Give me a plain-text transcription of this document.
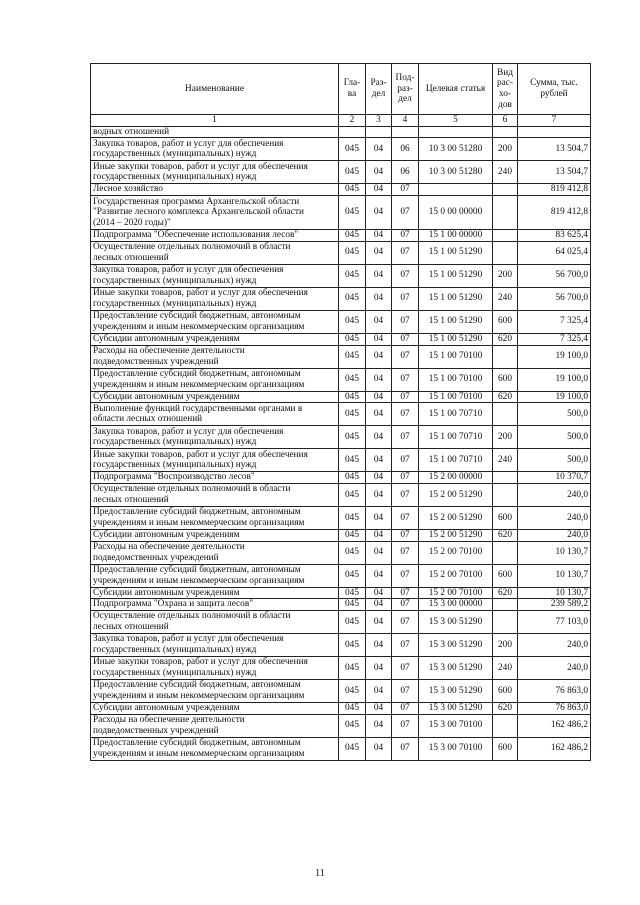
Наименование	Гла-ва	Раз-дел	Под-раз-дел	Целевая статья	Вид рас-хо-дов	Сумма, тыс. рублей
1	2	3	4	5	6	7
водных отношений						
Закупка товаров, работ и услуг для обеспечения
государственных (муниципальных) нужд	045	04	06	10 3 00 51280	200	13 504,7
Иные закупки товаров, работ и услуг для обеспечения
государственных (муниципальных) нужд	045	04	06	10 3 00 51280	240	13 504,7
Лесное хозяйство	045	04	07			819 412,8
Государственная программа Архангельской области
"Развитие лесного комплекса Архангельской области
(2014 – 2020 годы)"	045	04	07	15 0 00 00000		819 412,8
Подпрограмма "Обеспечение использования лесов"	045	04	07	15 1 00 00000		83 625,4
Осуществление отдельных полномочий в области
лесных отношений	045	04	07	15 1 00 51290		64 025,4
Закупка товаров, работ и услуг для обеспечения
государственных (муниципальных) нужд	045	04	07	15 1 00 51290	200	56 700,0
Иные закупки товаров, работ и услуг для обеспечения
государственных (муниципальных) нужд	045	04	07	15 1 00 51290	240	56 700,0
Предоставление субсидий бюджетным, автономным
учреждениям и иным некоммерческим организациям	045	04	07	15 1 00 51290	600	7 325,4
Субсидии автономным учреждениям	045	04	07	15 1 00 51290	620	7 325,4
Расходы на обеспечение деятельности
подведомственных учреждений	045	04	07	15 1 00 70100		19 100,0
Предоставление субсидий бюджетным, автономным
учреждениям и иным некоммерческим организациям	045	04	07	15 1 00 70100	600	19 100,0
Субсидии автономным учреждениям	045	04	07	15 1 00 70100	620	19 100,0
Выполнение функций государственными органами в
области лесных отношений	045	04	07	15 1 00 70710		500,0
Закупка товаров, работ и услуг для обеспечения
государственных (муниципальных) нужд	045	04	07	15 1 00 70710	200	500,0
Иные закупки товаров, работ и услуг для обеспечения
государственных (муниципальных) нужд	045	04	07	15 1 00 70710	240	500,0
Подпрограмма "Воспроизводство лесов"	045	04	07	15 2 00 00000		10 370,7
Осуществление отдельных полномочий в области
лесных отношений	045	04	07	15 2 00 51290		240,0
Предоставление субсидий бюджетным, автономным
учреждениям и иным некоммерческим организациям	045	04	07	15 2 00 51290	600	240,0
Субсидии автономным учреждениям	045	04	07	15 2 00 51290	620	240,0
Расходы на обеспечение деятельности
подведомственных учреждений	045	04	07	15 2 00 70100		10 130,7
Предоставление субсидий бюджетным, автономным
учреждениям и иным некоммерческим организациям	045	04	07	15 2 00 70100	600	10 130,7
Субсидии автономным учреждениям	045	04	07	15 2 00 70100	620	10 130,7
Подпрограмма "Охрана и защита лесов"	045	04	07	15 3 00 00000		239 589,2
Осуществление отдельных полномочий в области
лесных отношений	045	04	07	15 3 00 51290		77 103,0
Закупка товаров, работ и услуг для обеспечения
государственных (муниципальных) нужд	045	04	07	15 3 00 51290	200	240,0
Иные закупки товаров, работ и услуг для обеспечения
государственных (муниципальных) нужд	045	04	07	15 3 00 51290	240	240,0
Предоставление субсидий бюджетным, автономным
учреждениям и иным некоммерческим организациям	045	04	07	15 3 00 51290	600	76 863,0
Субсидии автономным учреждениям	045	04	07	15 3 00 51290	620	76 863,0
Расходы на обеспечение деятельности
подведомственных учреждений	045	04	07	15 3 00 70100		162 486,2
Предоставление субсидий бюджетным, автономным
учреждениям и иным некоммерческим организациям	045	04	07	15 3 00 70100	600	162 486,2
11
